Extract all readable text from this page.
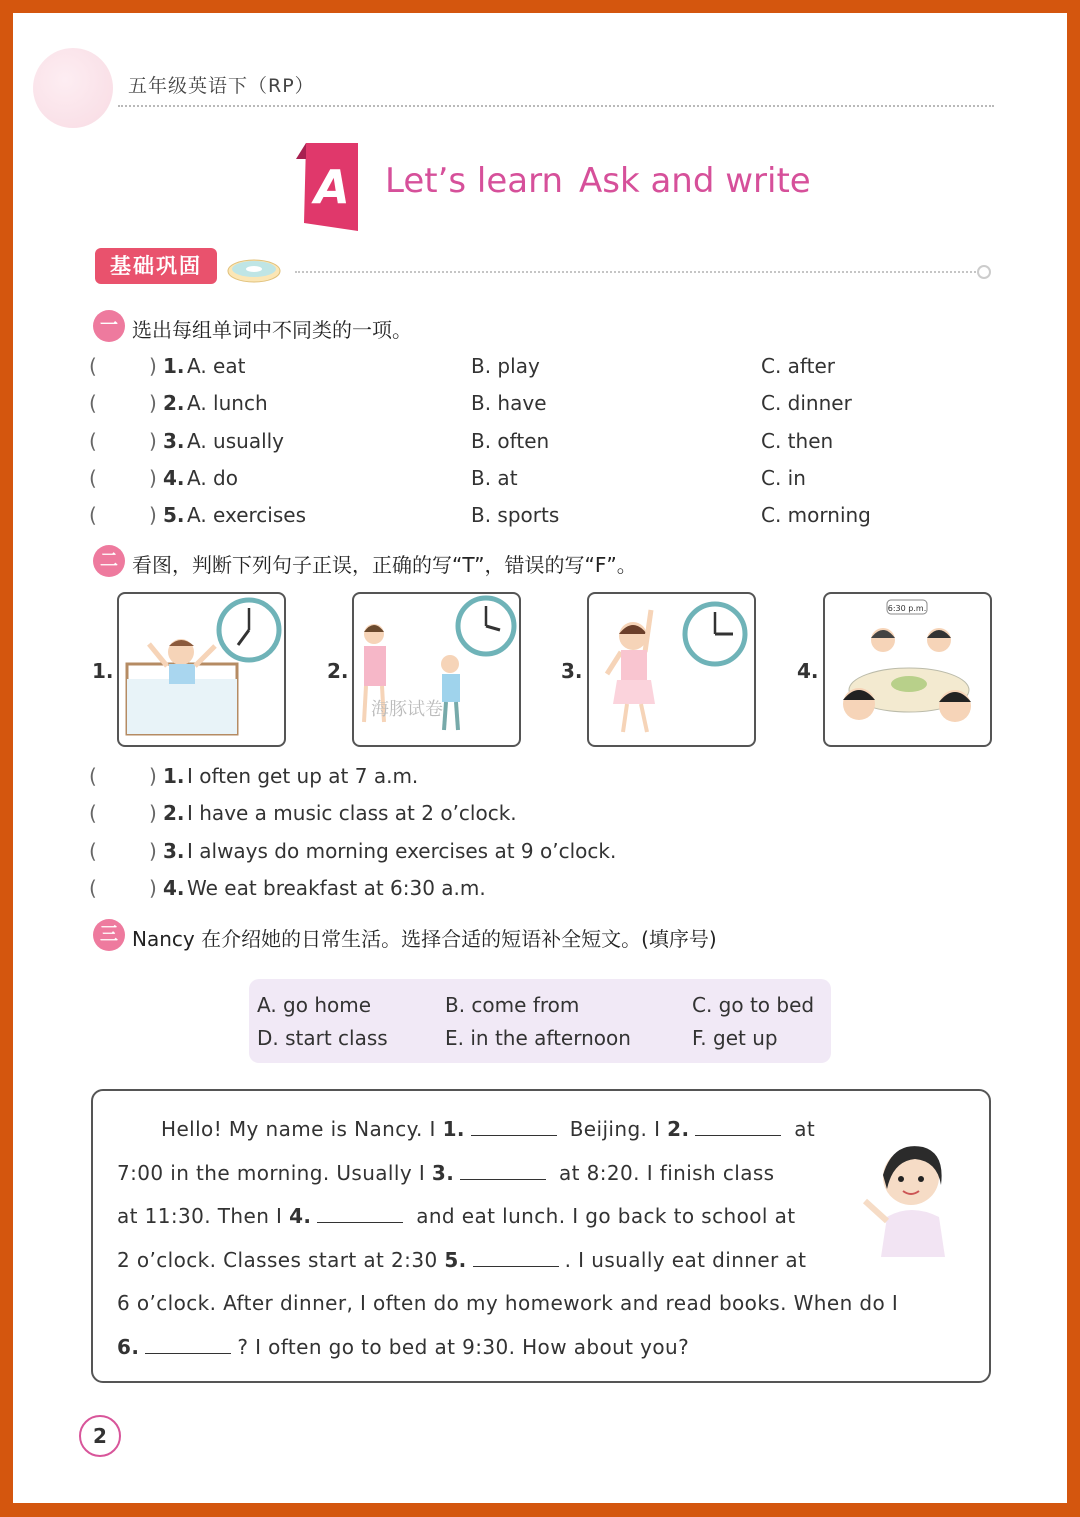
五年级英语下（RP）
A Let’s learn Ask and write
基础巩固
一 选出每组单词中不同类的一项。
(	) 1. A. eat	B. play	C. after
(	) 2. A. lunch	B. have	C. dinner
(	) 3. A. usually	B. often	C. then
(	) 4. A. do	B. at	C. in
(	) 5. A. exercises	B. sports	C. morning
二 看图，判断下列句子正误，正确的写“T”，错误的写“F”。
1.	2.	3.	4.
6:30 p.m.
海豚试卷
(	) 1. I often get up at 7 a.m.
(	) 2. I have a music class at 2 o’clock.
(	) 3. I always do morning exercises at 9 o’clock.
(	) 4. We eat breakfast at 6:30 a.m.
三 Nancy 在介绍她的日常生活。选择合适的短语补全短文。(填序号)
A. go home	B. come from	C. go to bed
D. start class	E. in the afternoon	F. get up
Hello! My name is Nancy. I 1.	Beijing. I 2.	at
7:00 in the morning. Usually I 3.	at 8:20. I finish class
at 11:30. Then I 4.	and eat lunch. I go back to school at
2 o’clock. Classes start at 2:30 5.	. I usually eat dinner at
6 o’clock. After dinner, I often do my homework and read books. When do I
6.	? I often go to bed at 9:30. How about you?
2
